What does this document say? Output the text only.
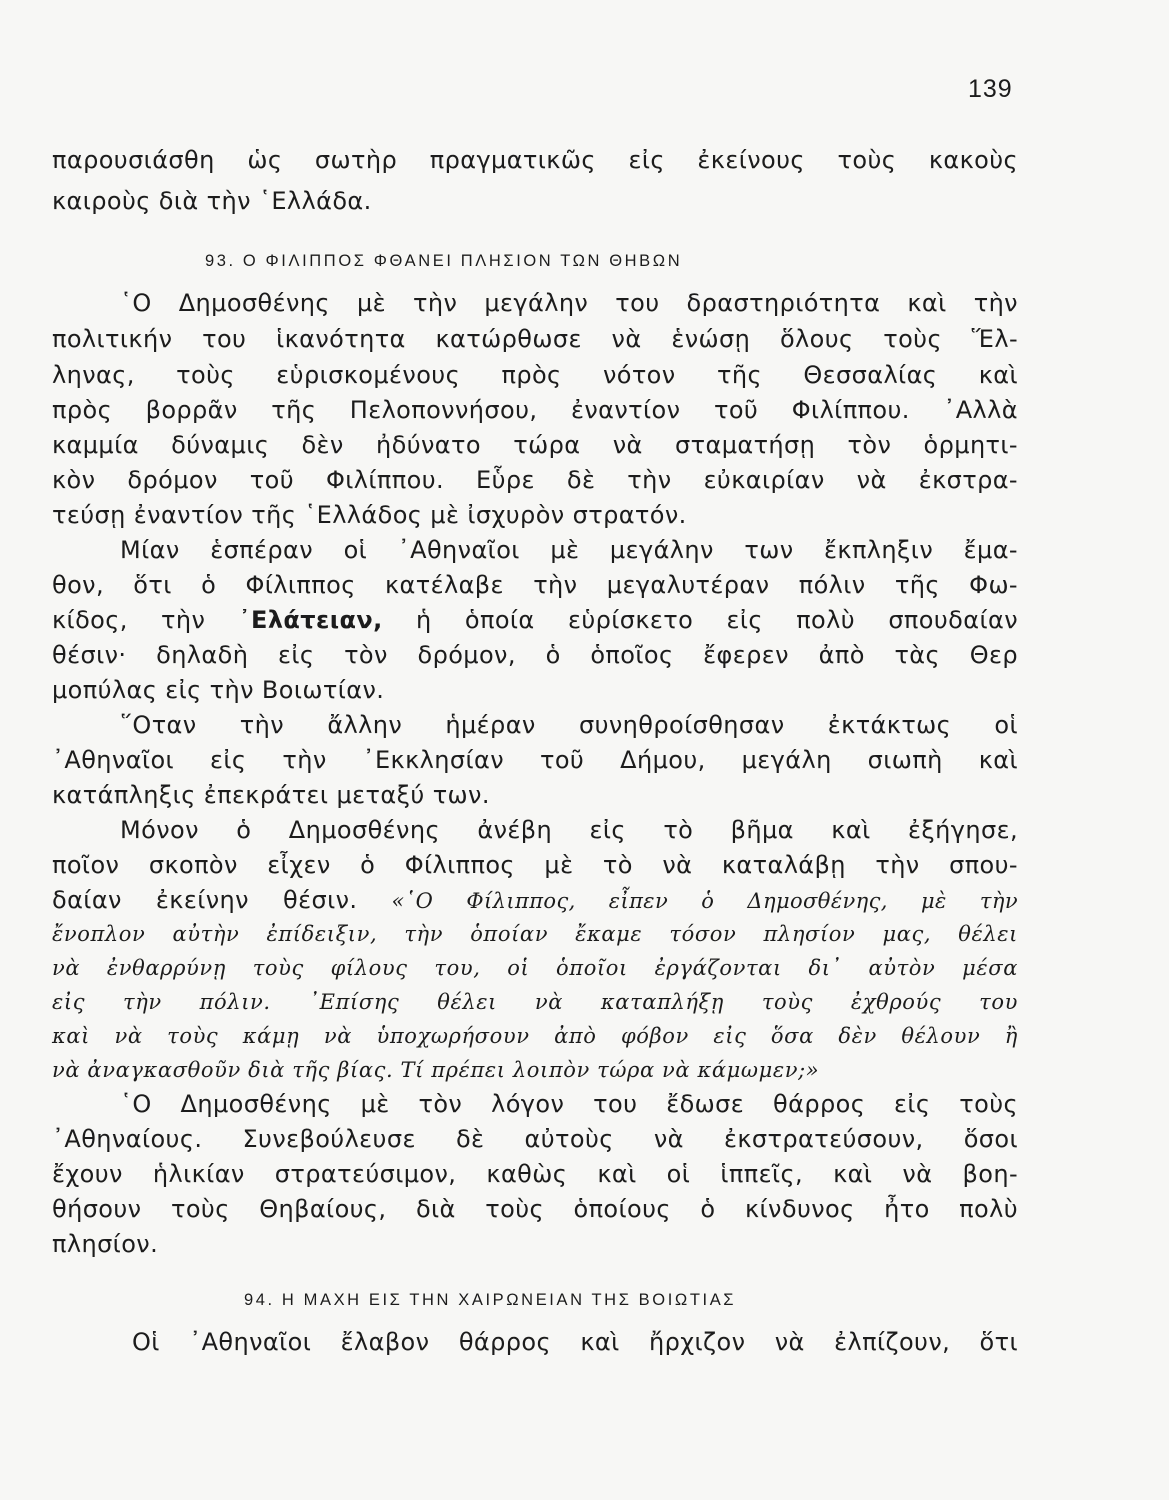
139
παρουσιάσθη ὡς σωτὴρ πραγματικῶς εἰς ἐκείνους τοὺς κακοὺς
καιροὺς διὰ τὴν ῾Ελλάδα.
93. Ο ΦΙΛΙΠΠΟΣ ΦΘΑΝΕΙ ΠΛΗΣΙΟΝ ΤΩΝ ΘΗΒΩΝ
῾Ο Δημοσθένης μὲ τὴν μεγάλην του δραστηριότητα καὶ τὴν
πολιτικήν του ἱκανότητα κατώρθωσε νὰ ἑνώσῃ ὅλους τοὺς Ἕλ-
ληνας, τοὺς εὑρισκομένους πρὸς νότον τῆς Θεσσαλίας καὶ
πρὸς βορρᾶν τῆς Πελοποννήσου, ἐναντίον τοῦ Φιλίππου. ᾿Αλλὰ
καμμία δύναμις δὲν ἠδύνατο τώρα νὰ σταματήσῃ τὸν ὁρμητι-
κὸν δρόμον τοῦ Φιλίππου. Εὗρε δὲ τὴν εὐκαιρίαν νὰ ἐκστρα-
τεύσῃ ἐναντίον τῆς ῾Ελλάδος μὲ ἰσχυρὸν στρατόν.
Μίαν ἑσπέραν οἱ ᾿Αθηναῖοι μὲ μεγάλην των ἔκπληξιν ἔμα-
θον, ὅτι ὁ Φίλιππος κατέλαβε τὴν μεγαλυτέραν πόλιν τῆς Φω-
κίδος, τὴν ᾿Ελάτειαν, ἡ ὁποία εὑρίσκετο εἰς πολὺ σπουδαίαν
θέσιν· δηλαδὴ εἰς τὸν δρόμον, ὁ ὁποῖος ἔφερεν ἀπὸ τὰς Θερ
μοπύλας εἰς τὴν Βοιωτίαν.
῞Οταν τὴν ἄλλην ἡμέραν συνηθροίσθησαν ἐκτάκτως οἱ
᾿Αθηναῖοι εἰς τὴν ᾿Εκκλησίαν τοῦ Δήμου, μεγάλη σιωπὴ καὶ
κατάπληξις ἐπεκράτει μεταξύ των.
Μόνον ὁ Δημοσθένης ἀνέβη εἰς τὸ βῆμα καὶ ἐξήγησε,
ποῖον σκοπὸν εἶχεν ὁ Φίλιππος μὲ τὸ νὰ καταλάβῃ τὴν σπου-
δαίαν ἐκείνην θέσιν. «῾Ο Φίλιππος, εἶπεν ὁ Δημοσθένης, μὲ τὴν
ἔνοπλον αὐτὴν ἐπίδειξιν, τὴν ὁποίαν ἔκαμε τόσον πλησίον μας, θέλει
νὰ ἐνθαρρύνῃ τοὺς φίλους του, οἱ ὁποῖοι ἐργάζονται δι᾿ αὐτὸν μέσα
εἰς τὴν πόλιν. ᾿Επίσης θέλει νὰ καταπλήξῃ τοὺς ἐχθρούς του
καὶ νὰ τοὺς κάμῃ νὰ ὑποχωρήσουν ἀπὸ φόβον εἰς ὅσα δὲν θέλουν ἢ
νὰ ἀναγκασθοῦν διὰ τῆς βίας. Τί πρέπει λοιπὸν τώρα νὰ κάμωμεν;»
῾Ο Δημοσθένης μὲ τὸν λόγον του ἔδωσε θάρρος εἰς τοὺς
᾿Αθηναίους. Συνεβούλευσε δὲ αὐτοὺς νὰ ἐκστρατεύσουν, ὅσοι
ἔχουν ἡλικίαν στρατεύσιμον, καθὼς καὶ οἱ ἱππεῖς, καὶ νὰ βοη-
θήσουν τοὺς Θηβαίους, διὰ τοὺς ὁποίους ὁ κίνδυνος ἦτο πολὺ
πλησίον.
94. Η ΜΑΧΗ ΕΙΣ ΤΗΝ ΧΑΙΡΩΝΕΙΑΝ ΤΗΣ ΒΟΙΩΤΙΑΣ
Οἱ ᾿Αθηναῖοι ἔλαβον θάρρος καὶ ἤρχιζον νὰ ἐλπίζουν, ὅτι
